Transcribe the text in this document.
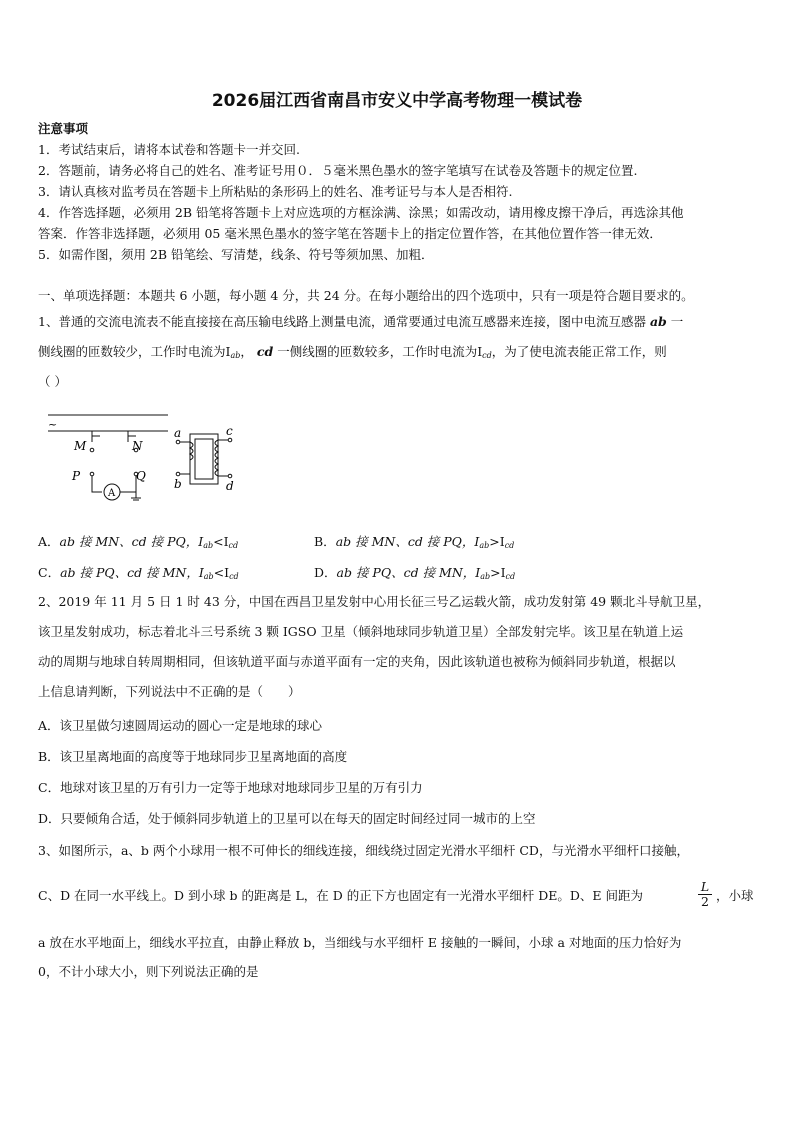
2026届江西省南昌市安义中学高考物理一模试卷
注意事项
1．考试结束后，请将本试卷和答题卡一并交回.
2．答题前，请务必将自己的姓名、准考证号用０．５毫米黑色墨水的签字笔填写在试卷及答题卡的规定位置.
3．请认真核对监考员在答题卡上所粘贴的条形码上的姓名、准考证号与本人是否相符.
4．作答选择题，必须用 2B 铅笔将答题卡上对应选项的方框涂满、涂黑；如需改动，请用橡皮擦干净后，再选涂其他
答案．作答非选择题，必须用 05 毫米黑色墨水的签字笔在答题卡上的指定位置作答，在其他位置作答一律无效．
5．如需作图，须用 2B 铅笔绘、写清楚，线条、符号等须加黑、加粗．
一、单项选择题：本题共 6 小题，每小题 4 分，共 24 分。在每小题给出的四个选项中，只有一项是符合题目要求的。
1、普通的交流电流表不能直接接在高压输电线路上测量电流，通常要通过电流互感器来连接，图中电流互感器 ab 一
侧线圈的匝数较少，工作时电流为$I_{ab}$， cd 一侧线圈的匝数较多，工作时电流为$I_{cd}$，为了使电流表能正常工作，则
（ ）
~
M	N
P	Q
A
a
b
c
d
A．ab 接 MN、cd 接 PQ，$I_{ab}<I_{cd}$	B．ab 接 MN、cd 接 PQ，$I_{ab}>I_{cd}$
C．ab 接 PQ、cd 接 MN，$I_{ab}<I_{cd}$	D．ab 接 PQ、cd 接 MN，$I_{ab}>I_{cd}$
2、2019 年 11 月 5 日 1 时 43 分，中国在西昌卫星发射中心用长征三号乙运载火箭，成功发射第 49 颗北斗导航卫星，
该卫星发射成功，标志着北斗三号系统 3 颗 IGSO 卫星（倾斜地球同步轨道卫星）全部发射完毕。该卫星在轨道上运
动的周期与地球自转周期相同，但该轨道平面与赤道平面有一定的夹角，因此该轨道也被称为倾斜同步轨道，根据以
上信息请判断，下列说法中不正确的是（　　）
A．该卫星做匀速圆周运动的圆心一定是地球的球心
B．该卫星离地面的高度等于地球同步卫星离地面的高度
C．地球对该卫星的万有引力一定等于地球对地球同步卫星的万有引力
D．只要倾角合适，处于倾斜同步轨道上的卫星可以在每天的固定时间经过同一城市的上空
3、如图所示，a、b 两个小球用一根不可伸长的细线连接，细线绕过固定光滑水平细杆 CD，与光滑水平细杆口接触，
C、D 在同一水平线上。D 到小球 b 的距离是 L，在 D 的正下方也固定有一光滑水平细杆 DE。D、E 间距为	$\frac{L}{2}$ ，小球
a 放在水平地面上，细线水平拉直，由静止释放 b，当细线与水平细杆 E 接触的一瞬间，小球 a 对地面的压力恰好为
0，不计小球大小，则下列说法正确的是
